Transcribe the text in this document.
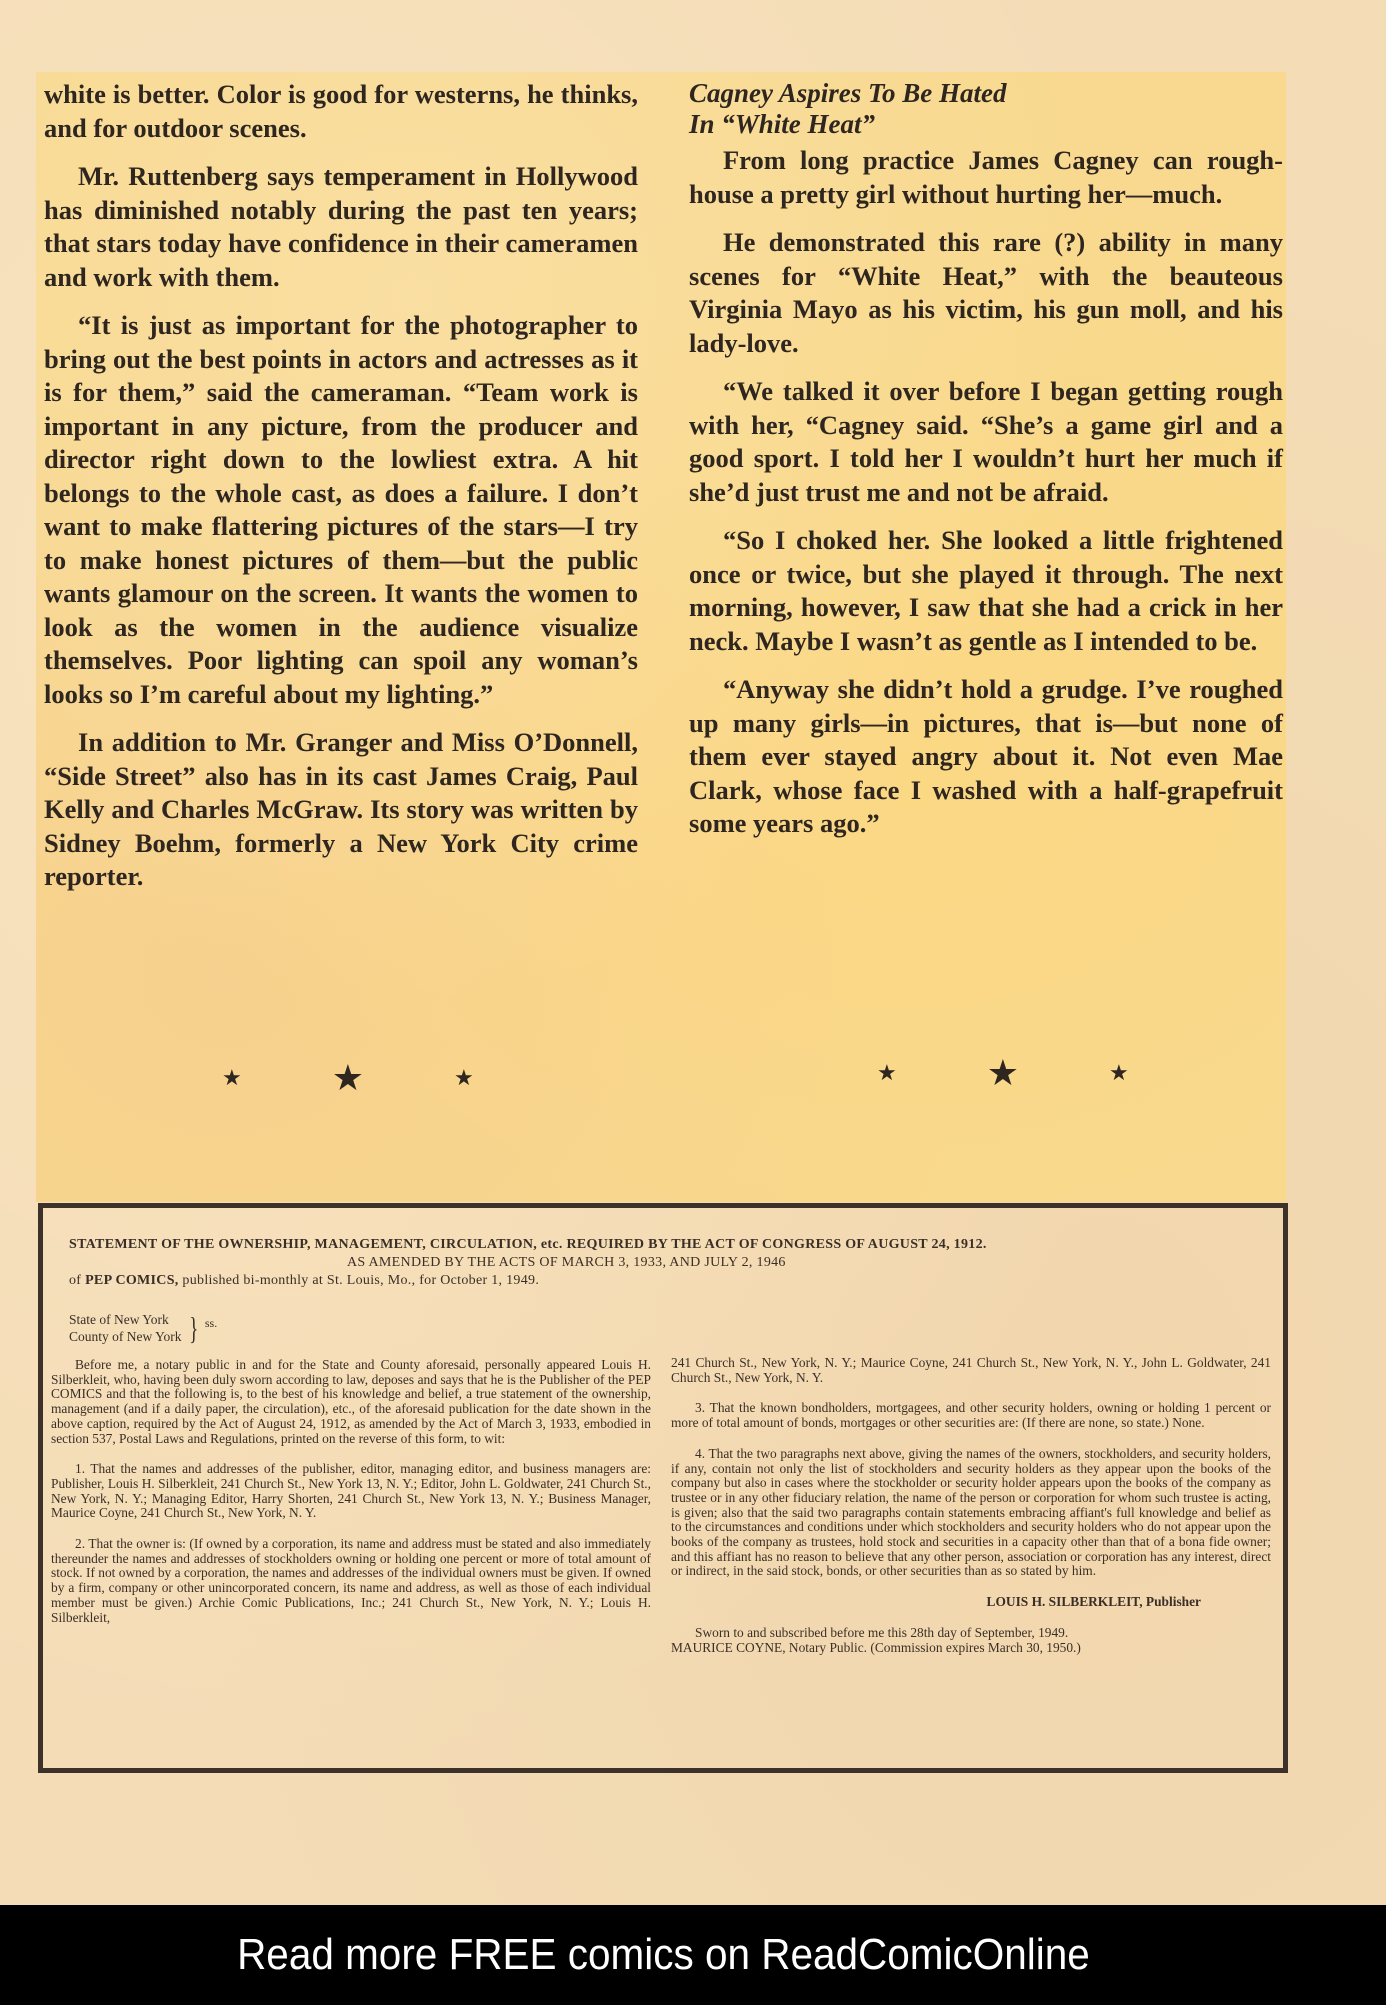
white is better. Color is good for westerns, he thinks, and for outdoor scenes.

Mr. Ruttenberg says temperament in Hollywood has diminished notably during the past ten years; that stars today have confidence in their cameramen and work with them.

“It is just as important for the photographer to bring out the best points in actors and actresses as it is for them,” said the cameraman. “Team work is important in any picture, from the producer and director right down to the lowliest extra. A hit belongs to the whole cast, as does a failure. I don’t want to make flattering pictures of the stars—I try to make honest pictures of them—but the public wants glamour on the screen. It wants the women to look as the women in the audience visualize themselves. Poor lighting can spoil any woman’s looks so I’m careful about my lighting.”

In addition to Mr. Granger and Miss O’Donnell, “Side Street” also has in its cast James Craig, Paul Kelly and Charles McGraw. Its story was written by Sidney Boehm, formerly a New York City crime reporter.

★	★	★
Cagney Aspires To Be Hated
In “White Heat”

From long practice James Cagney can rough-house a pretty girl without hurting her—much.

He demonstrated this rare (?) ability in many scenes for “White Heat,” with the beauteous Virginia Mayo as his victim, his gun moll, and his lady-love.

“We talked it over before I began getting rough with her, “Cagney said. “She’s a game girl and a good sport. I told her I wouldn’t hurt her much if she’d just trust me and not be afraid.

“So I choked her. She looked a little frightened once or twice, but she played it through. The next morning, however, I saw that she had a crick in her neck. Maybe I wasn’t as gentle as I intended to be.

“Anyway she didn’t hold a grudge. I’ve roughed up many girls—in pictures, that is—but none of them ever stayed angry about it. Not even Mae Clark, whose face I washed with a half-grapefruit some years ago.”

★	★	★
STATEMENT OF THE OWNERSHIP, MANAGEMENT, CIRCULATION, etc. REQUIRED BY THE ACT OF CONGRESS OF AUGUST 24, 1912.
AS AMENDED BY THE ACTS OF MARCH 3, 1933, AND JULY 2, 1946
of PEP COMICS, published bi-monthly at St. Louis, Mo., for October 1, 1949.
State of New York
County of New York } ss.

Before me, a notary public in and for the State and County aforesaid, personally appeared Louis H. Silberkleit, who, having been duly sworn according to law, deposes and says that he is the Publisher of the PEP COMICS and that the following is, to the best of his knowledge and belief, a true statement of the ownership, management (and if a daily paper, the circulation), etc., of the aforesaid publication for the date shown in the above caption, required by the Act of August 24, 1912, as amended by the Act of March 3, 1933, embodied in section 537, Postal Laws and Regulations, printed on the reverse of this form, to wit:

1. That the names and addresses of the publisher, editor, managing editor, and business managers are: Publisher, Louis H. Silberkleit, 241 Church St., New York 13, N. Y.; Editor, John L. Goldwater, 241 Church St., New York, N. Y.; Managing Editor, Harry Shorten, 241 Church St., New York 13, N. Y.; Business Manager, Maurice Coyne, 241 Church St., New York, N. Y.

2. That the owner is: (If owned by a corporation, its name and address must be stated and also immediately thereunder the names and addresses of stockholders owning or holding one percent or more of total amount of stock. If not owned by a corporation, the names and addresses of the individual owners must be given. If owned by a firm, company or other unincorporated concern, its name and address, as well as those of each individual member must be given.) Archie Comic Publications, Inc.; 241 Church St., New York, N. Y.; Louis H. Silberkleit,

241 Church St., New York, N. Y.; Maurice Coyne, 241 Church St., New York, N. Y., John L. Goldwater, 241 Church St., New York, N. Y.

3. That the known bondholders, mortgagees, and other security holders, owning or holding 1 percent or more of total amount of bonds, mortgages or other securities are: (If there are none, so state.) None.

4. That the two paragraphs next above, giving the names of the owners, stockholders, and security holders, if any, contain not only the list of stockholders and security holders as they appear upon the books of the company but also in cases where the stockholder or security holder appears upon the books of the company as trustee or in any other fiduciary relation, the name of the person or corporation for whom such trustee is acting, is given; also that the said two paragraphs contain statements embracing affiant's full knowledge and belief as to the circumstances and conditions under which stockholders and security holders who do not appear upon the books of the company as trustees, hold stock and securities in a capacity other than that of a bona fide owner; and this affiant has no reason to believe that any other person, association or corporation has any interest, direct or indirect, in the said stock, bonds, or other securities than as so stated by him.

LOUIS H. SILBERKLEIT, Publisher

Sworn to and subscribed before me this 28th day of September, 1949.

MAURICE COYNE, Notary Public. (Commission expires March 30, 1950.)

Read more FREE comics on ReadComicOnline
